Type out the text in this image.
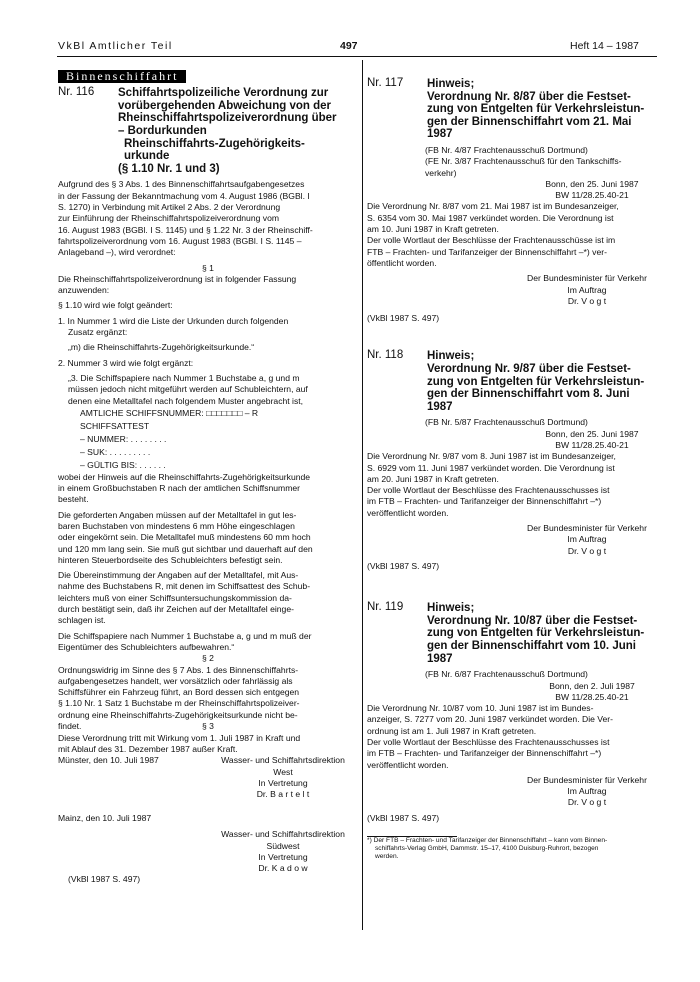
VkBl Amtlicher Teil	497	Heft 14 – 1987
Binnenschiffahrt
Nr. 116	Schiffahrtspolizeiliche Verordnung zur
vorübergehenden Abweichung von der
Rheinschiffahrtspolizeiverordnung über
– Bordurkunden
Rheinschiffahrts-Zugehörigkeits-
urkunde
(§ 1.10 Nr. 1 und 3)

Aufgrund des § 3 Abs. 1 des Binnenschiffahrtsaufgabengesetzes

in der Fassung der Bekanntmachung vom 4. August 1986 (BGBl. I

S. 1270) in Verbindung mit Artikel 2 Abs. 2 der Verordnung

zur Einführung der Rheinschiffahrtspolizeiverordnung vom

16. August 1983 (BGBl. I S. 1145) und § 1.22 Nr. 3 der Rheinschiff-

fahrtspolizeiverordnung vom 16. August 1983 (BGBl. I S. 1145 –

Anlageband –), wird verordnet:

§ 1

Die Rheinschiffahrtspolizeiverordnung ist in folgender Fassung

anzuwenden:

§ 1.10 wird wie folgt geändert:

1. In Nummer 1 wird die Liste der Urkunden durch folgenden

Zusatz ergänzt:

„m) die Rheinschiffahrts-Zugehörigkeitsurkunde.“

2. Nummer 3 wird wie folgt ergänzt:

„3. Die Schiffspapiere nach Nummer 1 Buchstabe a, g und m

müssen jedoch nicht mitgeführt werden auf Schubleichtern, auf

denen eine Metalltafel nach folgendem Muster angebracht ist,

AMTLICHE SCHIFFSNUMMER: □□□□□□□ – R

SCHIFFSATTEST

– NUMMER: . . . . . . . .

– SUK: . . . . . . . . .

– GÜLTIG BIS: . . . . . .

wobei der Hinweis auf die Rheinschiffahrts-Zugehörigkeitsurkunde

in einem Großbuchstaben R nach der amtlichen Schiffsnummer

besteht.

Die geforderten Angaben müssen auf der Metalltafel in gut les-

baren Buchstaben von mindestens 6 mm Höhe eingeschlagen

oder eingekörnt sein. Die Metalltafel muß mindestens 60 mm hoch

und 120 mm lang sein. Sie muß gut sichtbar und dauerhaft auf den

hinteren Steuerbordseite des Schubleichters befestigt sein.

Die Übereinstimmung der Angaben auf der Metalltafel, mit Aus-

nahme des Buchstabens R, mit denen im Schiffsattest des Schub-

leichters muß von einer Schiffsuntersuchungskommission da-

durch bestätigt sein, daß ihr Zeichen auf der Metalltafel einge-

schlagen ist.

Die Schiffspapiere nach Nummer 1 Buchstabe a, g und m muß der

Eigentümer des Schubleichters aufbewahren.“

§ 2

Ordnungswidrig im Sinne des § 7 Abs. 1 des Binnenschiffahrts-

aufgabengesetzes handelt, wer vorsätzlich oder fahrlässig als

Schiffsführer ein Fahrzeug führt, an Bord dessen sich entgegen

§ 1.10 Nr. 1 Satz 1 Buchstabe m der Rheinschiffahrtspolizeiver-

ordnung eine Rheinschiffahrts-Zugehörigkeitsurkunde nicht be-

findet.	§ 3

Diese Verordnung tritt mit Wirkung vom 1. Juli 1987 in Kraft und

mit Ablauf des 31. Dezember 1987 außer Kraft.

Münster, den 10. Juli 1987	Wasser- und Schiffahrtsdirektion

West

In Vertretung

Dr. B a r t e l t

Mainz, den 10. Juli 1987

Wasser- und Schiffahrtsdirektion

Südwest

In Vertretung

Dr. K a d o w

(VkBl 1987 S. 497)
Nr. 117	Hinweis;
Verordnung Nr. 8/87 über die Festset-
zung von Entgelten für Verkehrsleistun-
gen der Binnenschiffahrt vom 21. Mai
1987

(FB Nr. 4/87 Frachtenausschuß Dortmund)

(FE Nr. 3/87 Frachtenausschuß für den Tankschiffs-

verkehr)

Bonn, den 25. Juni 1987

BW 11/28.25.40-21

Die Verordnung Nr. 8/87 vom 21. Mai 1987 ist im Bundesanzeiger,

S. 6354 vom 30. Mai 1987 verkündet worden. Die Verordnung ist

am 10. Juni 1987 in Kraft getreten.

Der volle Wortlaut der Beschlüsse der Frachtenausschüsse ist im

FTB – Frachten- und Tarifanzeiger der Binnenschiffahrt –*) ver-

öffentlicht worden.

Der Bundesminister für Verkehr

Im Auftrag

Dr. V o g t

(VkBl 1987 S. 497)

Nr. 118	Hinweis;
Verordnung Nr. 9/87 über die Festset-
zung von Entgelten für Verkehrsleistun-
gen der Binnenschiffahrt vom 8. Juni
1987

(FB Nr. 5/87 Frachtenausschuß Dortmund)

Bonn, den 25. Juni 1987

BW 11/28.25.40-21

Die Verordnung Nr. 9/87 vom 8. Juni 1987 ist im Bundesanzeiger,

S. 6929 vom 11. Juni 1987 verkündet worden. Die Verordnung ist

am 20. Juni 1987 in Kraft getreten.

Der volle Wortlaut der Beschlüsse des Frachtenausschusses ist

im FTB – Frachten- und Tarifanzeiger der Binnenschiffahrt –*)

veröffentlicht worden.

Der Bundesminister für Verkehr

Im Auftrag

Dr. V o g t

(VkBl 1987 S. 497)

Nr. 119	Hinweis;
Verordnung Nr. 10/87 über die Festset-
zung von Entgelten für Verkehrsleistun-
gen der Binnenschiffahrt vom 10. Juni
1987

(FB Nr. 6/87 Frachtenausschuß Dortmund)

Bonn, den 2. Juli 1987

BW 11/28.25.40-21

Die Verordnung Nr. 10/87 vom 10. Juni 1987 ist im Bundes-

anzeiger, S. 7277 vom 20. Juni 1987 verkündet worden. Die Ver-

ordnung ist am 1. Juli 1987 in Kraft getreten.

Der volle Wortlaut der Beschlüsse des Frachtenausschusses ist

im FTB – Frachten- und Tarifanzeiger der Binnenschiffahrt –*)

veröffentlicht worden.

Der Bundesminister für Verkehr

Im Auftrag

Dr. V o g t

(VkBl 1987 S. 497)

*) Der FTB – Frachten- und Tarifanzeiger der Binnenschiffahrt – kann vom Binnen-

schiffahrts-Verlag GmbH, Dammstr. 15–17, 4100 Duisburg-Ruhrort, bezogen

werden.
